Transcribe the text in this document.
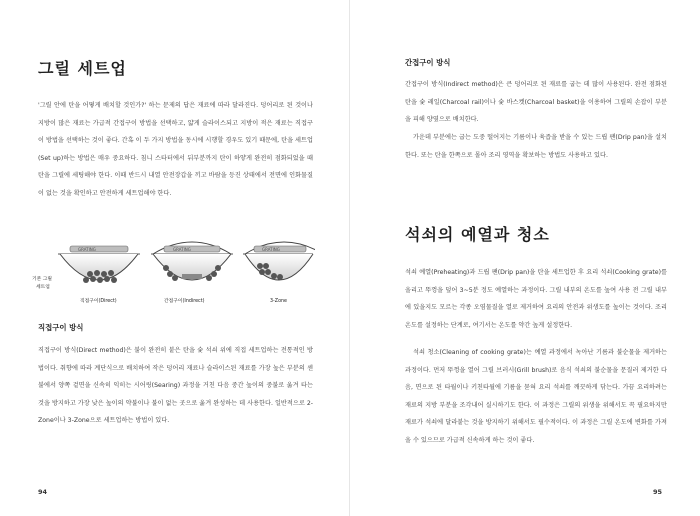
그릴 세트업

'그릴 안에 탄을 어떻게 배치할 것인가?' 하는 문제의 답은 재료에 따라 달라진다. 덩어리로 된 것이나 지방이 많은 재료는 가급적 간접구이 방법을 선택하고, 얇게 슬라이스되고 지방이 적은 재료는 직접구이 방법을 선택하는 것이 좋다. 간혹 이 두 가지 방법을 동시에 시행할 경우도 있기 때문에, 탄을 세트업(Set up)하는 방법은 매우 중요하다. 침니 스타터에서 뒤부분까지 탄이 하얗게 완전히 점화되었을 때 탄을 그릴에 세팅해야 한다. 이때 반드시 내열 안전장갑을 끼고 바람을 등진 상태에서 전면에 인화물질이 없는 것을 확인하고 안전하게 세트업해야 한다.

기본 그릴
세트업
GRATING
직접구이(Direct)
GRATING
간접구이(Indirect)
GRATING
3-Zone
직접구이 방식

직접구이 방식(Direct method)은 불이 완전히 붙은 탄을 숯 석쇠 위에 직접 세트업하는 전통적인 방법이다. 취향에 따라 계단식으로 배치하여 작은 덩어리 재료나 슬라이스된 재료를 가장 높은 부분의 센 불에서 양쪽 겉면을 신속히 익히는 시어링(Searing) 과정을 거친 다음 중간 높이의 중불로 옮겨 타는 것을 방지하고 가장 낮은 높이의 약불이나 불이 없는 곳으로 옮겨 완성하는 데 사용한다. 일반적으로 2-Zone이나 3-Zone으로 세트업하는 방법이 있다.

94
간접구이 방식

간접구이 방식(Indirect method)은 큰 덩어리로 된 재료를 굽는 데 많이 사용된다. 완전 점화된 탄을 숯 레일(Charcoal rail)이나 숯 바스켓(Charcoal basket)을 이용하여 그릴의 손잡이 부분을 피해 양옆으로 배치한다.

가운데 부분에는 굽는 도중 떨어지는 기름이나 육즙을 받을 수 있는 드립 팬(Drip pan)을 설치한다. 또는 탄을 한쪽으로 몰아 조리 영역을 확보하는 방법도 사용하고 있다.

석쇠의 예열과 청소

석쇠 예열(Preheating)과 드립 팬(Drip pan)을 탄을 세트업한 후 요리 석쇠(Cooking grate)를 올리고 뚜껑을 덮어 3~5분 정도 예열하는 과정이다. 그릴 내부의 온도를 높여 사용 전 그릴 내부에 있을지도 모르는 각종 오염물질을 열로 제거하여 요리의 안전과 위생도를 높이는 것이다. 조리 온도를 설정하는 단계로, 여기서는 온도를 약간 높게 설정한다.

석쇠 청소(Cleaning of cooking grate)는 예열 과정에서 녹아난 기름과 불순물을 제거하는 과정이다. 먼저 뚜껑을 열어 그릴 브러시(Grill brush)로 음식 석쇠의 불순물을 문질러 제거한 다음, 면으로 된 타월이나 키친타월에 기름을 묻혀 요리 석쇠를 깨끗하게 닦는다. 가끔 요리하려는 재료의 지방 부분을 조각내어 실시하기도 한다. 이 과정은 그릴의 위생을 위해서도 꼭 필요하지만 재료가 석쇠에 달라붙는 것을 방지하기 위해서도 필수적이다. 이 과정은 그릴 온도에 변화를 가져올 수 있으므로 가급적 신속하게 하는 것이 좋다.

95
